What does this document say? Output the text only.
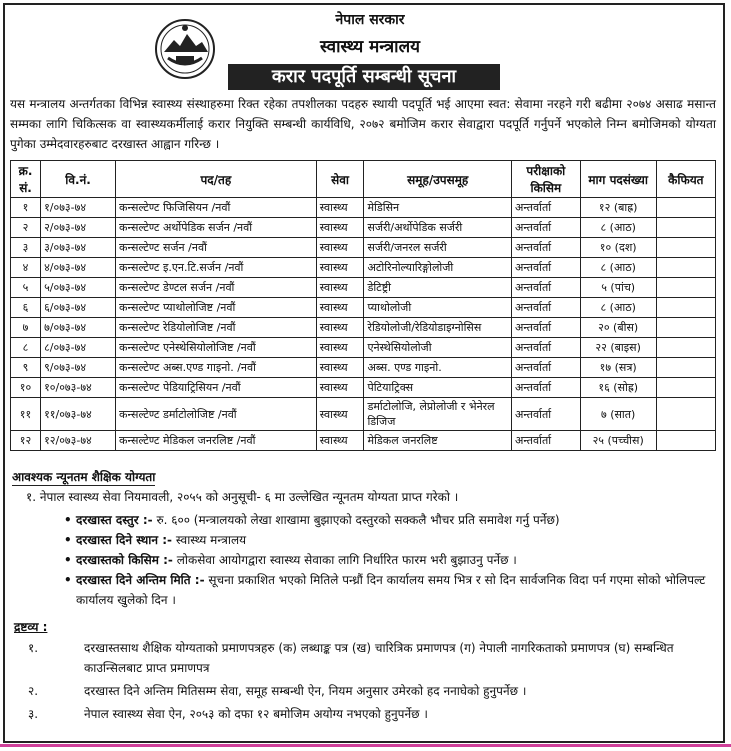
नेपाल सरकार
स्वास्थ्य मन्त्रालय
करार पदपूर्ति सम्बन्धी सूचना
यस मन्त्रालय अन्तर्गतका विभिन्न स्वास्थ्य संस्थाहरुमा रिक्त रहेका तपशीलका पदहरु स्थायी पदपूर्ति भई आएमा स्वत: सेवामा नरहने गरी बढीमा २०७४ असाढ मसान्त सम्मका लागि चिकित्सक वा स्वास्थ्यकर्मीलाई करार नियुक्ति सम्बन्धी कार्यविधि, २०७२ बमोजिम करार सेवाद्वारा पदपूर्ति गर्नुपर्ने भएकोले निम्न बमोजिमको योग्यता पुगेका उम्मेदवारहरुबाट दरखास्त आह्वान गरिन्छ ।
क्र. सं.	वि.नं.	पद/तह	सेवा	समूह/उपसमूह	परीक्षाको किसिम	माग पदसंख्या	कैफियत
१	१/०७३-७४	कन्सल्टेण्ट फिजिसियन /नवौं	स्वास्थ्य	मेडिसिन	अन्तर्वार्ता	१२ (बाह्र)	
२	२/०७३-७४	कन्सल्टेण्ट अर्थोपेडिक सर्जन /नवौं	स्वास्थ्य	सर्जरी/अर्थोपेडिक सर्जरी	अन्तर्वार्ता	८ (आठ)	
३	३/०७३-७४	कन्सल्टेण्ट सर्जन /नवौं	स्वास्थ्य	सर्जरी/जनरल सर्जरी	अन्तर्वार्ता	१० (दश)	
४	४/०७३-७४	कन्सल्टेण्ट इ.एन.टि.सर्जन /नवौं	स्वास्थ्य	अटोरिनोल्यारिङ्गोलोजी	अन्तर्वार्ता	८ (आठ)	
५	५/०७३-७४	कन्सल्टेण्ट डेण्टल सर्जन /नवौं	स्वास्थ्य	डेटिष्ट्री	अन्तर्वार्ता	५ (पांच)	
६	६/०७३-७४	कन्सल्टेण्ट प्याथोलोजिष्ट /नवौं	स्वास्थ्य	प्याथोलोजी	अन्तर्वार्ता	८ (आठ)	
७	७/०७३-७४	कन्सल्टेण्ट रेडियोलोजिष्ट /नवौं	स्वास्थ्य	रेडियोलोजी/रेडियोडाइग्नोसिस	अन्तर्वार्ता	२० (बीस)	
८	८/०७३-७४	कन्सल्टेण्ट एनेस्थेसियोलोजिष्ट /नवौं	स्वास्थ्य	एनेस्थेसियोलोजी	अन्तर्वार्ता	२२ (बाइस)	
९	९/०७३-७४	कन्सल्टेण्ट अब्स.एण्ड गाइनो. /नवौं	स्वास्थ्य	अब्स. एण्ड गाइनो.	अन्तर्वार्ता	१७ (सत्र)	
१०	१०/०७३-७४	कन्सल्टेण्ट पेडियाट्रिसियन /नवौं	स्वास्थ्य	पेटियाट्रिक्स	अन्तर्वार्ता	१६ (सोह्र)	
११	११/०७३-७४	कन्सल्टेण्ट डर्माटोलोजिष्ट /नवौं	स्वास्थ्य	डर्माटोलोजि, लेप्रोलोजी र भेनेरल डिजिज	अन्तर्वार्ता	७ (सात)	
१२	१२/०७३-७४	कन्सल्टेण्ट मेडिकल जनरलिष्ट /नवौं	स्वास्थ्य	मेडिकल जनरलिष्ट	अन्तर्वार्ता	२५ (पच्चीस)	
आवश्यक न्यूनतम शैक्षिक योग्यता
१. नेपाल स्वास्थ्य सेवा नियमावली, २०५५ को अनुसूची- ६ मा उल्लेखित न्यूनतम योग्यता प्राप्त गरेको ।
• दरखास्त दस्तुर :- रु. ६०० (मन्त्रालयको लेखा शाखामा बुझाएको दस्तुरको सक्कलै भौचर प्रति समावेश गर्नु पर्नेछ)
• दरखास्त दिने स्थान :- स्वास्थ्य मन्त्रालय
• दरखास्तको किसिम :- लोकसेवा आयोगद्वारा स्वास्थ्य सेवाका लागि निर्धारित फारम भरी बुझाउनु पर्नेछ ।
• दरखास्त दिने अन्तिम मिति :- सूचना प्रकाशित भएको मितिले पन्ध्रौं दिन कार्यालय समय भित्र र सो दिन सार्वजनिक विदा पर्न गएमा सोको भोलिपल्ट कार्यालय खुलेको दिन ।
द्रष्टव्य :
१.	दरखास्तसाथ शैक्षिक योग्यताको प्रमाणपत्रहरु (क) लब्धाङ्क पत्र (ख) चारित्रिक प्रमाणपत्र (ग) नेपाली नागरिकताको प्रमाणपत्र (घ) सम्बन्धित काउन्सिलबाट प्राप्त प्रमाणपत्र
२.	दरखास्त दिने अन्तिम मितिसम्म सेवा, समूह सम्बन्धी ऐन, नियम अनुसार उमेरको हद ननाघेको हुनुपर्नेछ ।
३.	नेपाल स्वास्थ्य सेवा ऐन, २०५३ को दफा १२ बमोजिम अयोग्य नभएको हुनुपर्नेछ ।
